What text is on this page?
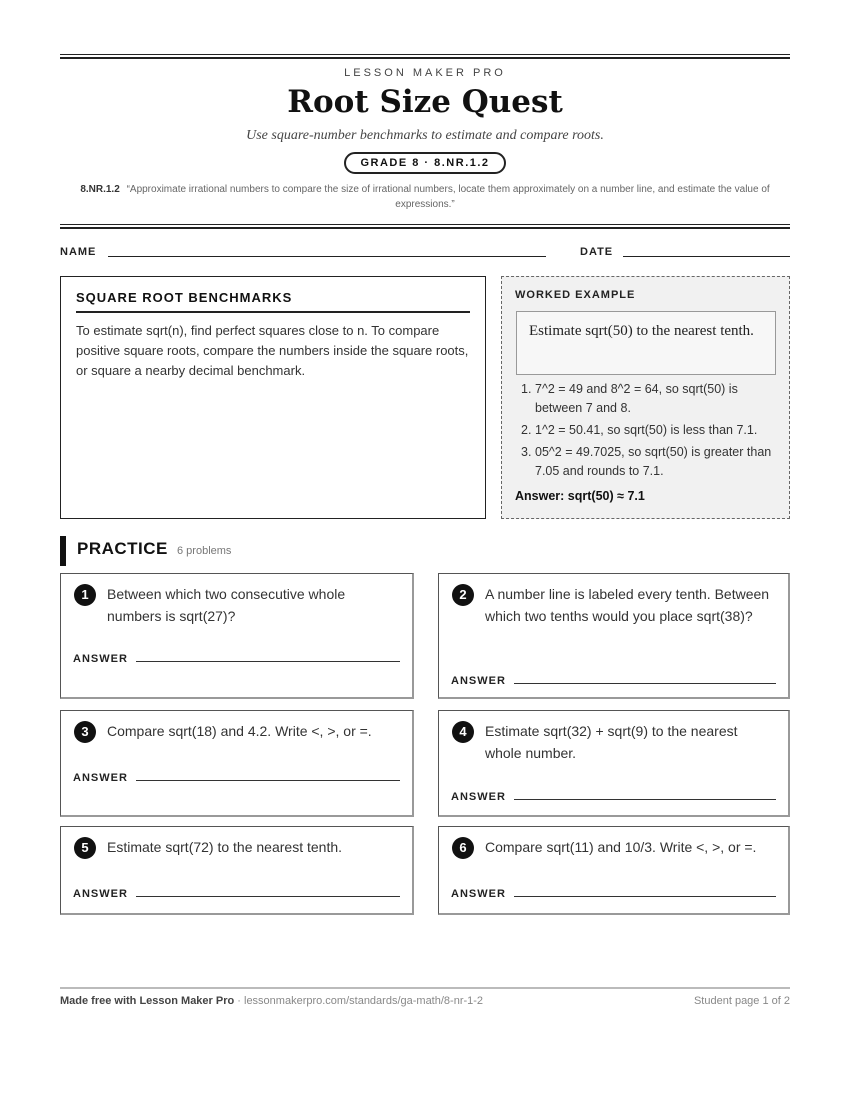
LESSON MAKER PRO
Root Size Quest
Use square-number benchmarks to estimate and compare roots.
GRADE 8 · 8.NR.1.2
8.NR.1.2 “Approximate irrational numbers to compare the size of irrational numbers, locate them approximately on a number line, and estimate the value of expressions.”
NAME	DATE
SQUARE ROOT BENCHMARKS
To estimate sqrt(n), find perfect squares close to n. To compare positive square roots, compare the numbers inside the square roots, or square a nearby decimal benchmark.
WORKED EXAMPLE
Estimate sqrt(50) to the nearest tenth.
1. 7^2 = 49 and 8^2 = 64, so sqrt(50) is between 7 and 8.
2. 1^2 = 50.41, so sqrt(50) is less than 7.1.
3. 05^2 = 49.7025, so sqrt(50) is greater than 7.05 and rounds to 7.1.
Answer: sqrt(50) ≈ 7.1
PRACTICE 6 problems
1	Between which two consecutive whole numbers is sqrt(27)?
ANSWER
2	A number line is labeled every tenth. Between which two tenths would you place sqrt(38)?
ANSWER
3	Compare sqrt(18) and 4.2. Write <, >, or =.
ANSWER
4	Estimate sqrt(32) + sqrt(9) to the nearest whole number.
ANSWER
5	Estimate sqrt(72) to the nearest tenth.
ANSWER
6	Compare sqrt(11) and 10/3. Write <, >, or =.
ANSWER
Made free with Lesson Maker Pro · lessonmakerpro.com/standards/ga-math/8-nr-1-2	Student page 1 of 2
